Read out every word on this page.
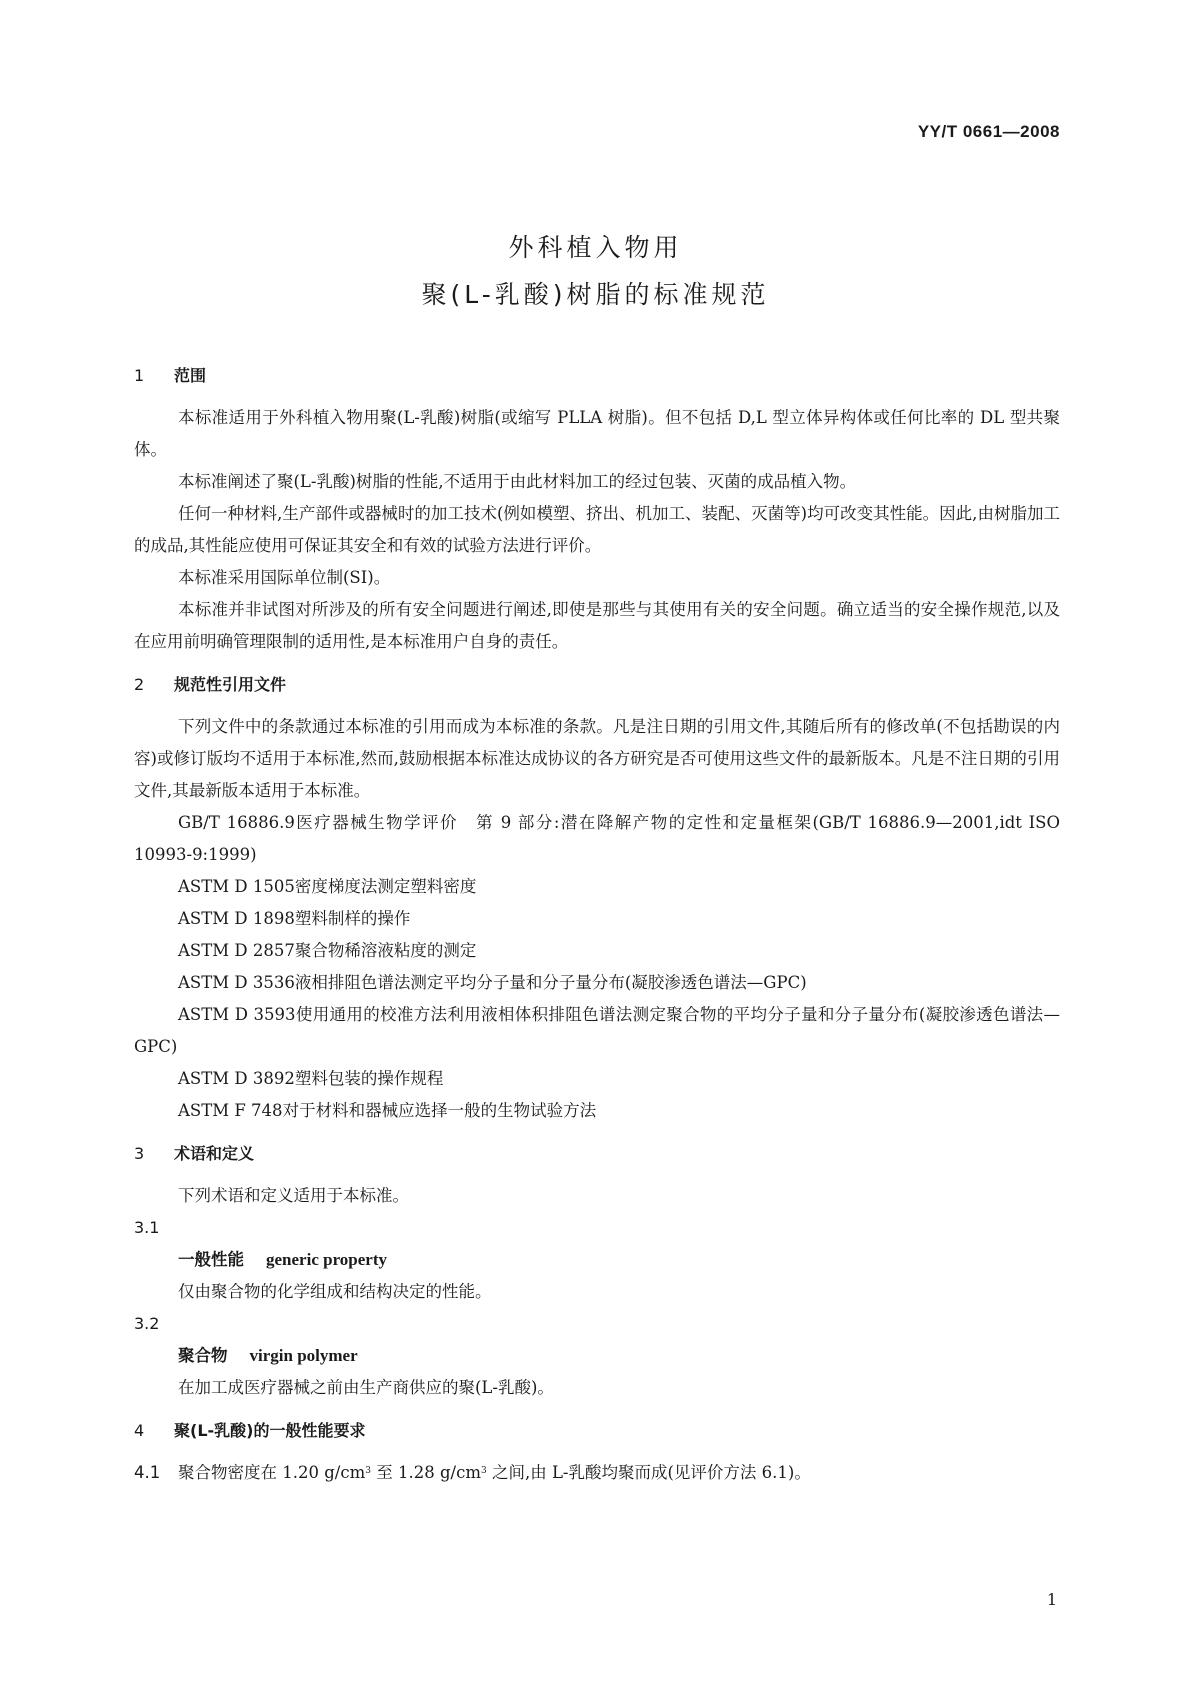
YY/T 0661—2008
外科植入物用
聚(L-乳酸)树脂的标准规范
1 范围

本标准适用于外科植入物用聚(L-乳酸)树脂(或缩写 PLLA 树脂)。但不包括 D,L 型立体异构体或任何比率的 DL 型共聚体。

本标准阐述了聚(L-乳酸)树脂的性能,不适用于由此材料加工的经过包装、灭菌的成品植入物。

任何一种材料,生产部件或器械时的加工技术(例如模塑、挤出、机加工、装配、灭菌等)均可改变其性能。因此,由树脂加工的成品,其性能应使用可保证其安全和有效的试验方法进行评价。

本标准采用国际单位制(SI)。

本标准并非试图对所涉及的所有安全问题进行阐述,即使是那些与其使用有关的安全问题。确立适当的安全操作规范,以及在应用前明确管理限制的适用性,是本标准用户自身的责任。

2 规范性引用文件

下列文件中的条款通过本标准的引用而成为本标准的条款。凡是注日期的引用文件,其随后所有的修改单(不包括勘误的内容)或修订版均不适用于本标准,然而,鼓励根据本标准达成协议的各方研究是否可使用这些文件的最新版本。凡是不注日期的引用文件,其最新版本适用于本标准。

GB/T 16886.9医疗器械生物学评价　第 9 部分:潜在降解产物的定性和定量框架(GB/T 16886.9—2001,idt ISO 10993-9:1999)

ASTM D 1505密度梯度法测定塑料密度

ASTM D 1898塑料制样的操作

ASTM D 2857聚合物稀溶液粘度的测定

ASTM D 3536液相排阻色谱法测定平均分子量和分子量分布(凝胶渗透色谱法—GPC)

ASTM D 3593使用通用的校准方法利用液相体积排阻色谱法测定聚合物的平均分子量和分子量分布(凝胶渗透色谱法—GPC)

ASTM D 3892塑料包装的操作规程

ASTM F 748对于材料和器械应选择一般的生物试验方法

3 术语和定义

下列术语和定义适用于本标准。

3.1
一般性能 generic property

仅由聚合物的化学组成和结构决定的性能。

3.2
聚合物 virgin polymer

在加工成医疗器械之前由生产商供应的聚(L-乳酸)。

4 聚(L-乳酸)的一般性能要求
4.1 聚合物密度在 1.20 $g/cm^3$ 至 1.28 $g/cm^3$ 之间,由 L-乳酸均聚而成(见评价方法 6.1)。
1
